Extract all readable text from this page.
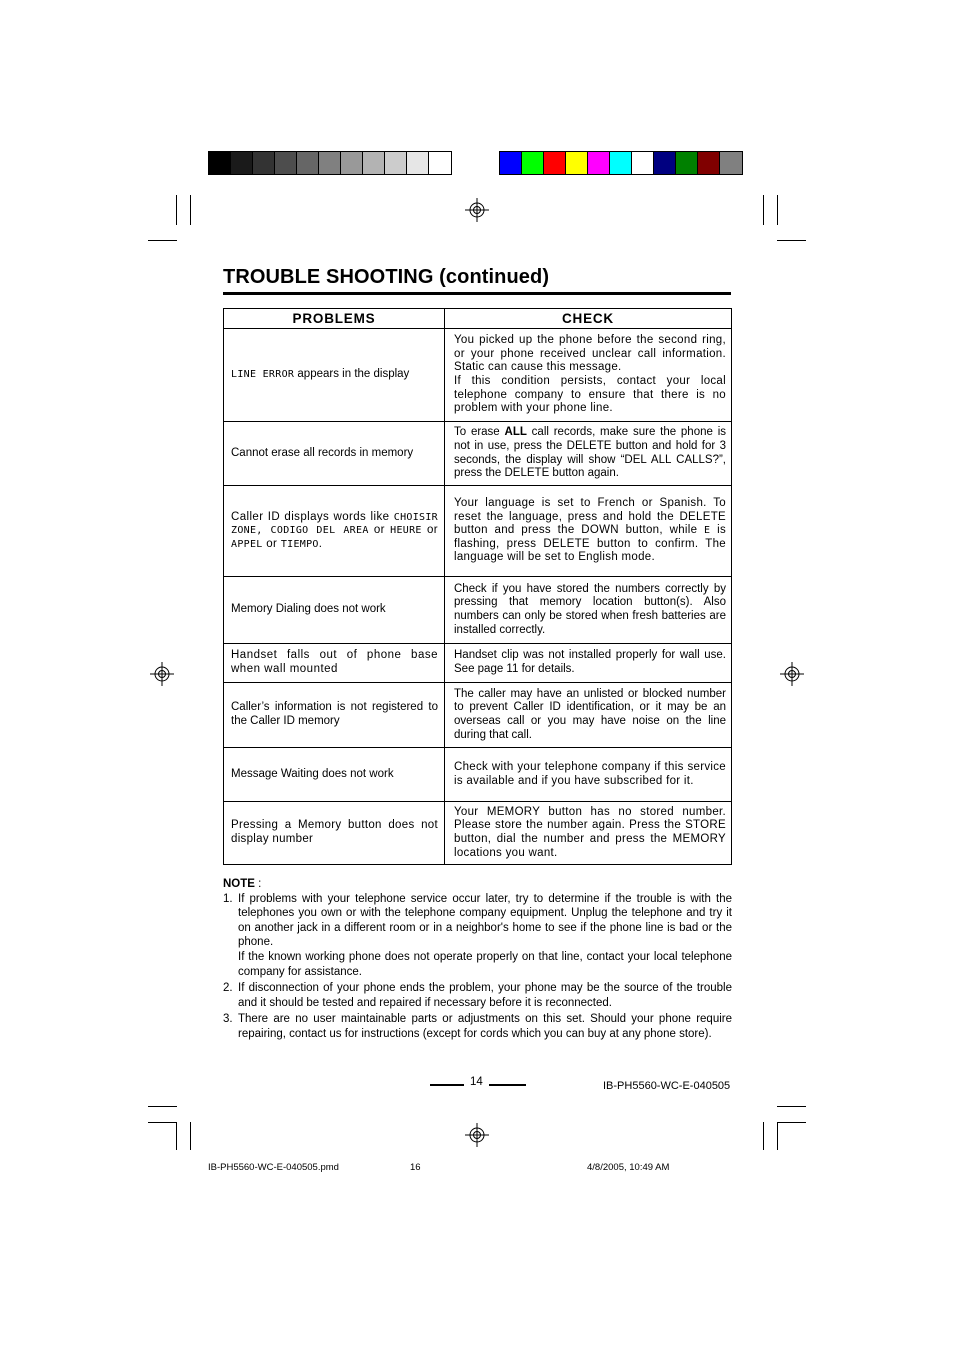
TROUBLE SHOOTING (continued)
PROBLEMS	CHECK
LINE ERROR appears in the display	You picked up the phone before the second ring, or your phone received unclear call information. Static can cause this message.
If this condition persists, contact your local telephone company to ensure that there is no problem with your phone line.
Cannot erase all records in memory	To erase ALL call records, make sure the phone is not in use, press the DELETE button and hold for 3 seconds, the display will show “DEL ALL CALLS?”, press the DELETE button again.
Caller ID displays words like CHOISIR ZONE, CODIGO DEL AREA or HEURE or APPEL or TIEMPO.	Your language is set to French or Spanish. To reset the language, press and hold the DELETE button and press the DOWN button, while E is flashing, press DELETE button to confirm. The language will be set to English mode.
Memory Dialing does not work	Check if you have stored the numbers correctly by pressing that memory location button(s). Also numbers can only be stored when fresh batteries are installed correctly.
Handset falls out of phone base when wall mounted	Handset clip was not installed properly for wall use. See page 11 for details.
Caller’s information is not registered to the Caller ID memory	The caller may have an unlisted or blocked number to prevent Caller ID identification, or it may be an overseas call or you may have noise on the line during that call.
Message Waiting does not work	Check with your telephone company if this service is available and if you have subscribed for it.
Pressing a Memory button does not display number	Your MEMORY button has no stored number. Please store the number again. Press the STORE button, dial the number and press the MEMORY locations you want.
NOTE :
1. If problems with your telephone service occur later, try to determine if the trouble is with the telephones you own or with the telephone company equipment. Unplug the telephone and try it on another jack in a different room or in a neighbor's home to see if the phone line is bad or the phone.

If the known working phone does not operate properly on that line, contact your local telephone company for assistance.

2. If disconnection of your phone ends the problem, your phone may be the source of the trouble and it should be tested and repaired if necessary before it is reconnected.

3. There are no user maintainable parts or adjustments on this set. Should your phone require repairing, contact us for instructions (except for cords which you can buy at any phone store).

14	IB-PH5560-WC-E-040505
IB-PH5560-WC-E-040505.pmd	16	4/8/2005, 10:49 AM
